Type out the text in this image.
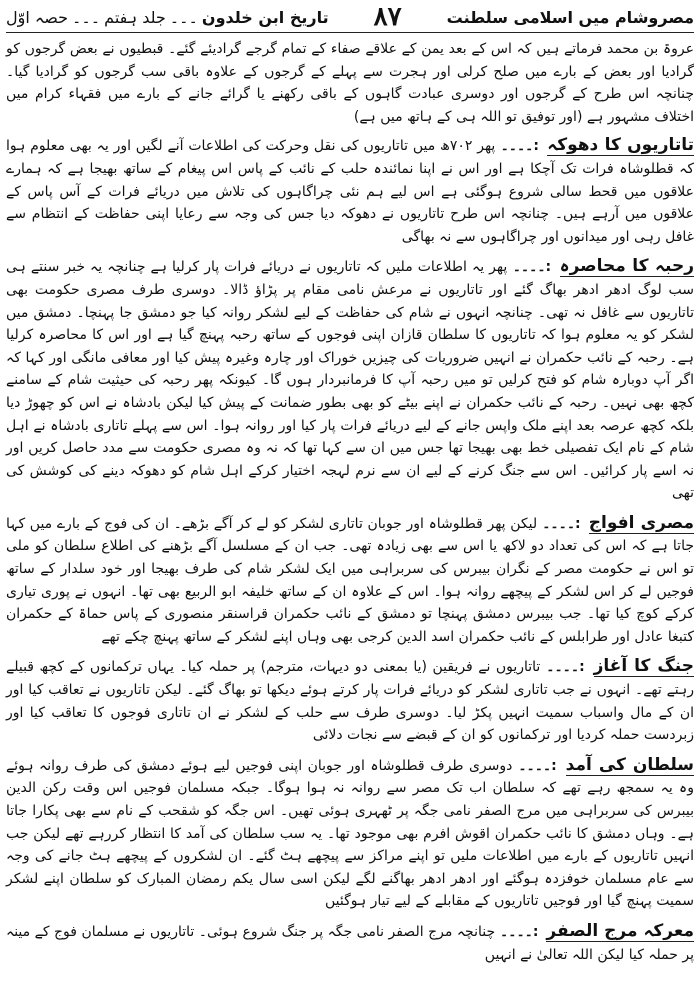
تاریخ ابن خلدون
۔۔۔
جلد ہفتم
۔۔۔
حصہ اوّل	۸۷	مصروشام میں اسلامی سلطنت

عروۃ بن محمد فرماتے ہیں کہ اس کے بعد یمن کے علاقے صفاء کے تمام گرجے گرادیئے گئے۔ قبطیوں نے بعض گرجوں کو گرادیا اور بعض کے بارے میں صلح کرلی اور ہجرت سے پہلے کے گرجوں کے علاوہ باقی سب گرجوں کو گرادیا گیا۔ چنانچہ اس طرح کے گرجوں اور دوسری عبادت گاہوں کے باقی رکھنے یا گرائے جانے کے بارے میں فقہاء کرام میں اختلاف مشہور ہے (اور توفیق تو اللہ ہی کے ہاتھ میں ہے)

تاتاریوں کا دھوکہ :۔۔۔۔ پھر ۷۰۲ھ میں تاتاریوں کی نقل وحرکت کی اطلاعات آنے لگیں اور یہ بھی معلوم ہوا کہ قطلوشاہ فرات تک آچکا ہے اور اس نے اپنا نمائندہ حلب کے نائب کے پاس اس پیغام کے ساتھ بھیجا ہے کہ ہمارے علاقوں میں قحط سالی شروع ہوگئی ہے اس لیے ہم نئی چراگاہوں کی تلاش میں دریائے فرات کے آس پاس کے علاقوں میں آرہے ہیں۔ چنانچہ اس طرح تاتاریوں نے دھوکہ دیا جس کی وجہ سے رعایا اپنی حفاظت کے انتظام سے غافل رہی اور میدانوں اور چراگاہوں سے نہ بھاگی

رحبہ کا محاصرہ :۔۔۔۔ پھر یہ اطلاعات ملیں کہ تاتاریوں نے دریائے فرات پار کرلیا ہے چنانچہ یہ خبر سنتے ہی سب لوگ ادھر ادھر بھاگ گئے اور تاتاریوں نے مرعش نامی مقام پر پڑاؤ ڈالا۔ دوسری طرف مصری حکومت بھی تاتاریوں سے غافل نہ تھی۔ چنانچہ انہوں نے شام کی حفاظت کے لیے لشکر روانہ کیا جو دمشق جا پہنچا۔ دمشق میں لشکر کو یہ معلوم ہوا کہ تاتاریوں کا سلطان قازان اپنی فوجوں کے ساتھ رحبہ پہنچ گیا ہے اور اس کا محاصرہ کرلیا ہے۔ رحبہ کے نائب حکمران نے انہیں ضروریات کی چیزیں خوراک اور چارہ وغیرہ پیش کیا اور معافی مانگی اور کہا کہ اگر آپ دوبارہ شام کو فتح کرلیں تو میں رحبہ آپ کا فرمانبردار ہوں گا۔ کیونکہ پھر رحبہ کی حیثیت شام کے سامنے کچھ بھی نہیں۔ رحبہ کے نائب حکمران نے اپنے بیٹے کو بھی بطور ضمانت کے پیش کیا لیکن بادشاہ نے اس کو چھوڑ دیا بلکہ کچھ عرصہ بعد اپنے ملک واپس جانے کے لیے دریائے فرات پار کیا اور روانہ ہوا۔ اس سے پہلے تاتاری بادشاہ نے اہل شام کے نام ایک تفصیلی خط بھی بھیجا تھا جس میں ان سے کہا تھا کہ نہ وہ مصری حکومت سے مدد حاصل کریں اور نہ اسے پار کرائیں۔ اس سے جنگ کرنے کے لیے ان سے نرم لہجہ اختیار کرکے اہل شام کو دھوکہ دینے کی کوشش کی تھی

مصری افواج :۔۔۔۔ لیکن پھر قطلوشاہ اور جوبان تاتاری لشکر کو لے کر آگے بڑھے۔ ان کی فوج کے بارے میں کہا جاتا ہے کہ اس کی تعداد دو لاکھ یا اس سے بھی زیادہ تھی۔ جب ان کے مسلسل آگے بڑھنے کی اطلاع سلطان کو ملی تو اس نے حکومت مصر کے نگران بیبرس کی سربراہی میں ایک لشکر شام کی طرف بھیجا اور خود سلدار کے ساتھ فوجیں لے کر اس لشکر کے پیچھے روانہ ہوا۔ اس کے علاوہ ان کے ساتھ خلیفہ ابو الربیع بھی تھا۔ انہوں نے پوری تیاری کرکے کوچ کیا تھا۔ جب بیبرس دمشق پہنچا تو دمشق کے نائب حکمران قراسنقر منصوری کے پاس حماۃ کے حکمران کتبغا عادل اور طرابلس کے نائب حکمران اسد الدین کرجی بھی وہاں اپنے لشکر کے ساتھ پہنچ چکے تھے

جنگ کا آغاز :۔۔۔۔ تاتاریوں نے فریقین (یا بمعنی دو دیہات، مترجم) پر حملہ کیا۔ یہاں ترکمانوں کے کچھ قبیلے رہتے تھے۔ انہوں نے جب تاتاری لشکر کو دریائے فرات پار کرتے ہوئے دیکھا تو بھاگ گئے۔ لیکن تاتاریوں نے تعاقب کیا اور ان کے مال واسباب سمیت انہیں پکڑ لیا۔ دوسری طرف سے حلب کے لشکر نے ان تاتاری فوجوں کا تعاقب کیا اور زبردست حملہ کردیا اور ترکمانوں کو ان کے قبضے سے نجات دلائی

سلطان کی آمد :۔۔۔۔ دوسری طرف قطلوشاہ اور جوبان اپنی فوجیں لیے ہوئے دمشق کی طرف روانہ ہوئے وہ یہ سمجھ رہے تھے کہ سلطان اب تک مصر سے روانہ نہ ہوا ہوگا۔ جبکہ مسلمان فوجیں اس وقت رکن الدین بیبرس کی سربراہی میں مرج الصفر نامی جگہ پر ٹھہری ہوئی تھیں۔ اس جگہ کو شقحب کے نام سے بھی پکارا جاتا ہے۔ وہاں دمشق کا نائب حکمران اقوش افرم بھی موجود تھا۔ یہ سب سلطان کی آمد کا انتظار کررہے تھے لیکن جب انہیں تاتاریوں کے بارے میں اطلاعات ملیں تو اپنے مراکز سے پیچھے ہٹ گئے۔ ان لشکروں کے پیچھے ہٹ جانے کی وجہ سے عام مسلمان خوفزدہ ہوگئے اور ادھر ادھر بھاگنے لگے لیکن اسی سال یکم رمضان المبارک کو سلطان اپنے لشکر سمیت پہنچ گیا اور فوجیں تاتاریوں کے مقابلے کے لیے تیار ہوگئیں

معرکہ مرج الصفر :۔۔۔۔ چنانچہ مرج الصفر نامی جگہ پر جنگ شروع ہوئی۔ تاتاریوں نے مسلمان فوج کے مینہ پر حملہ کیا لیکن اللہ تعالیٰ نے انہیں
